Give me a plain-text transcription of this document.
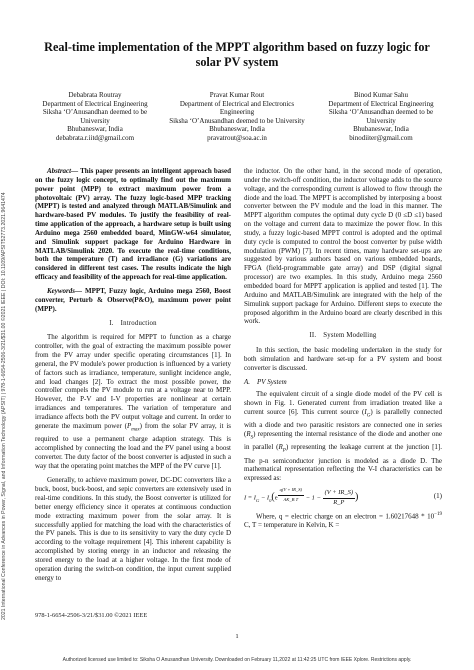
2021 International Conference in Advances in Power, Signal, and Information Technology (APSIT) | 978-1-6654-2506-3/21/$31.00 ©2021 IEEE | DOI: 10.1109/APSIT52773.2021.9641474
Real-time implementation of the MPPT algorithm based on fuzzy logic for solar PV system
Debabrata Routray
Department of Electrical Engineering
Siksha ‘O’Anusandhan deemed to be
University
Bhubaneswar, India
debabrata.r.iitd@gmail.com
Pravat Kumar Rout
Department of Electrical and Electronics
Engineering
Siksha ‘O’Anusandhan deemed to be University
Bhubaneswar, India
pravatrout@soa.ac.in
Binod Kumar Sahu
Department of Electrical Engineering
Siksha ‘O’Anusandhan deemed to be
University
Bhubaneswar, India
binodiiter@gmail.com

Abstract— This paper presents an intelligent approach based on the fuzzy logic concept, to optimally find out the maximum power point (MPP) to extract maximum power from a photovoltaic (PV) array. The fuzzy logic-based MPP tracking (MPPT) is tested and analyzed through MATLAB/Simulink and hardware-based PV modules. To justify the feasibility of real-time application of the approach, a hardware setup is built using Arduino mega 2560 embedded board, MinGW-w64 simulator, and Simulink support package for Arduino Hardware in MATLAB/Simulink 2020. To execute the real-time conditions, both the temperature (T) and irradiance (G) variations are considered in different test cases. The results indicate the high efficacy and feasibility of the approach for real-time application.

Keywords— MPPT, Fuzzy logic, Arduino mega 2560, Boost converter, Perturb & Observe(P&O), maximum power point (MPP).

I. Introduction

The algorithm is required for MPPT to function as a charge controller, with the goal of extracting the maximum possible power from the PV array under specific operating circumstances [1]. In general, the PV module's power production is influenced by a variety of factors such as irradiance, temperature, sunlight incidence angle, and load changes [2]. To extract the most possible power, the controller compels the PV module to run at a voltage near to MPP. However, the P-V and I-V properties are nonlinear at certain irradiances and temperatures. The variation of temperature and irradiance affects both the PV output voltage and current. In order to generate the maximum power $(P_{max})$ from the solar PV array, it is required to use a permanent charge adaption strategy. This is accomplished by connecting the load and the PV panel using a boost converter. The duty factor of the boost converter is adjusted in such a way that the operating point matches the MPP of the PV curve [1].

Generally, to achieve maximum power, DC-DC converters like a buck, boost, buck-boost, and sepic converters are extensively used in real-time conditions. In this study, the Boost converter is utilized for better energy efficiency since it operates at continuous conduction mode extracting maximum power from the solar array. It is successfully applied for matching the load with the characteristics of the PV panels. This is due to its sensitivity to vary the duty cycle D according to the voltage requirement [4]. This inherent capability is accomplished by storing energy in an inductor and releasing the stored energy to the load at a higher voltage. In the first mode of operation during the switch-on condition, the input current supplied energy to

the inductor. On the other hand, in the second mode of operation, under the switch-off condition, the inductor voltage adds to the source voltage, and the corresponding current is allowed to flow through the diode and the load. The MPPT is accomplished by interposing a boost converter between the PV module and the load in this manner. The MPPT algorithm computes the optimal duty cycle D (0 ≤D ≤1) based on the voltage and current data to maximize the power flow. In this study, a fuzzy logic-based MPPT control is adopted and the optimal duty cycle is computed to control the boost converter by pulse width modulation (PWM) [7]. In recent times, many hardware set-ups are suggested by various authors based on various embedded boards, FPGA (field-programmable gate array) and DSP (digital signal processor) are two examples. In this study, Arduino mega 2560 embedded board for MPPT application is applied and tested [1]. The Arduino and MATLAB/Simulink are integrated with the help of the Simulink support package for Arduino. Different steps to execute the proposed algorithm in the Arduino board are clearly described in this work.

II. System Modelling

In this section, the basic modeling undertaken in the study for both simulation and hardware set-up for a PV system and boost converter is discussed.

A. PV System

The equivalent circuit of a single diode model of the PV cell is shown in Fig. 1. Generated current from irradiation treated like a current source [6]. This current source $(I_G)$ is parallelly connected with a diode and two parasitic resistors are connected one in series $(R_S)$ representing the internal resistance of the diode and another one in parallel $(R_P)$ representing the leakage current at the junction [1]. The p-n semiconductor junction is modeled as a diode D. The mathematical representation reflecting the V-I characteristics can be expressed as:

$I = I_G - I_0(e$ $^{\frac{q(V + IR\_S)}{\text{AK\_B T}}} - 1 - \frac{(V + IR\_S)}{R\_P}$ )	(1)

Where, q = electric charge on an electron = $1.60217648 * 10^{-19}$ C, T = temperature in Kelvin, K =

978-1-6654-2506-3/21/$31.00 ©2021 IEEE
1
Authorized licensed use limited to: Siksha O Anusandhan University. Downloaded on February 11,2022 at 11:42:25 UTC from IEEE Xplore. Restrictions apply.
